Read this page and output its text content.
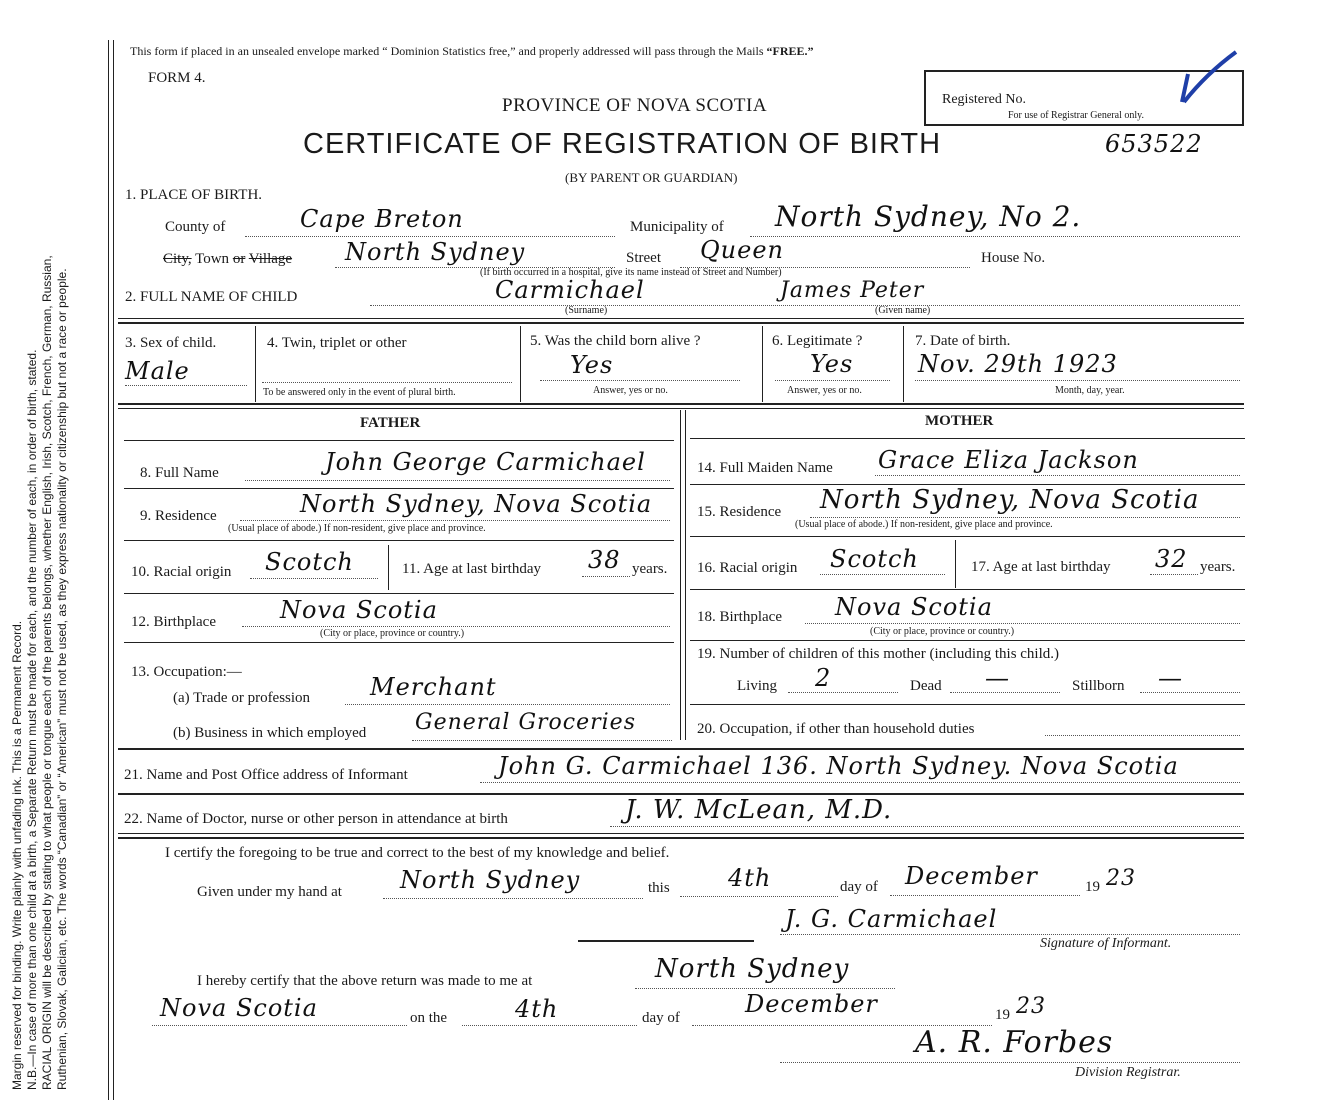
Margin reserved for binding. Write plainly with unfading ink. This is a Permanent Record. N.B.—In case of more than one child at a birth, a Separate Return must be made for each, and the number of each, in order of birth, stated. RACIAL ORIGIN will be described by stating to what people or tongue each of the parents belongs, whether English, Irish, Scotch, French, German, Russian, Ruthenian, Slovak, Galician, etc. The words “Canadian” or “American” must not be used, as they express nationality or citizenship but not a race or people.
This form if placed in an unsealed envelope marked “ Dominion Statistics free,” and properly addressed will pass through the Mails “FREE.”
FORM 4.
PROVINCE OF NOVA SCOTIA
CERTIFICATE OF REGISTRATION OF BIRTH
(BY PARENT OR GUARDIAN)
Registered No.
For use of Registrar General only.
653522
1. PLACE OF BIRTH.
County of	Cape Breton	Municipality of North Sydney, No 2.
City, Town or Village North Sydney	Street Queen	House No.
(If birth occurred in a hospital, give its name instead of Street and Number)
2. FULL NAME OF CHILD	Carmichael	James Peter
(Surname)	(Given name)
3. Sex of child.
Male
4. Twin, triplet or other
To be answered only in the event of plural birth.
5. Was the child born alive ?
Yes
Answer, yes or no.
6. Legitimate ?
Yes
Answer, yes or no.
7. Date of birth.
Nov. 29th 1923
Month, day, year.
FATHER	MOTHER
8. Full Name	John George Carmichael
9. Residence	North Sydney, Nova Scotia
(Usual place of abode.) If non-resident, give place and province.
10. Racial origin Scotch	11. Age at last birthday 38 years.
12. Birthplace	Nova Scotia
(City or place, province or country.)
13. Occupation:—
(a) Trade or profession Merchant
(b) Business in which employed General Groceries
14. Full Maiden Name Grace Eliza Jackson
15. Residence North Sydney, Nova Scotia
(Usual place of abode.) If non-resident, give place and province.
16. Racial origin Scotch	17. Age at last birthday 32 years.
18. Birthplace Nova Scotia
(City or place, province or country.)
19. Number of children of this mother (including this child.)
Living 2	Dead —	Stillborn —
20. Occupation, if other than household duties
21. Name and Post Office address of Informant	John G. Carmichael 136. North Sydney. Nova Scotia
22. Name of Doctor, nurse or other person in attendance at birth	J. W. McLean, M.D.
I certify the foregoing to be true and correct to the best of my knowledge and belief.
Given under my hand at North Sydney	this 4th	day of December	19 23
J. G. Carmichael
Signature of Informant.
I hereby certify that the above return was made to me at	North Sydney
Nova Scotia	on the	4th	day of	December	19 23
A. R. Forbes
Division Registrar.
